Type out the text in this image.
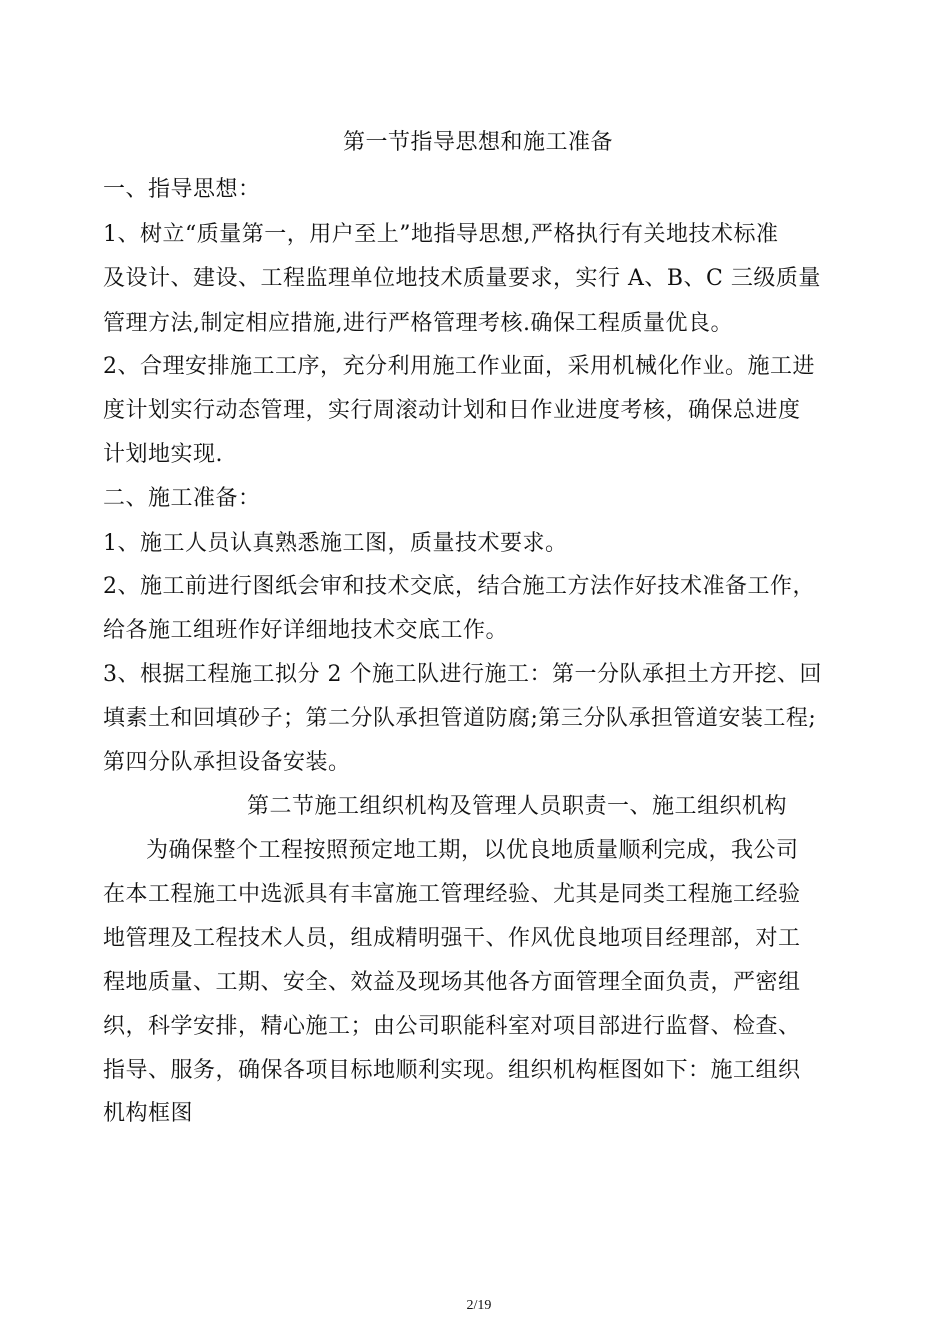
第一节指导思想和施工准备
一、指导思想：
1、树立“质量第一，用户至上”地指导思想,严格执行有关地技术标准
及设计、建设、工程监理单位地技术质量要求，实行 A、B、C 三级质量
管理方法,制定相应措施,进行严格管理考核.确保工程质量优良。
2、合理安排施工工序，充分利用施工作业面，采用机械化作业。施工进
度计划实行动态管理，实行周滚动计划和日作业进度考核，确保总进度
计划地实现.
二、施工准备：
1、施工人员认真熟悉施工图，质量技术要求。
2、施工前进行图纸会审和技术交底，结合施工方法作好技术准备工作，
给各施工组班作好详细地技术交底工作。
3、根据工程施工拟分 2 个施工队进行施工：第一分队承担土方开挖、回
填素土和回填砂子；第二分队承担管道防腐;第三分队承担管道安装工程;
第四分队承担设备安装。
第二节施工组织机构及管理人员职责一、施工组织机构
为确保整个工程按照预定地工期，以优良地质量顺利完成，我公司
在本工程施工中选派具有丰富施工管理经验、尤其是同类工程施工经验
地管理及工程技术人员，组成精明强干、作风优良地项目经理部，对工
程地质量、工期、安全、效益及现场其他各方面管理全面负责，严密组
织，科学安排，精心施工；由公司职能科室对项目部进行监督、检查、
指导、服务，确保各项目标地顺利实现。组织机构框图如下：施工组织
机构框图
2/19
